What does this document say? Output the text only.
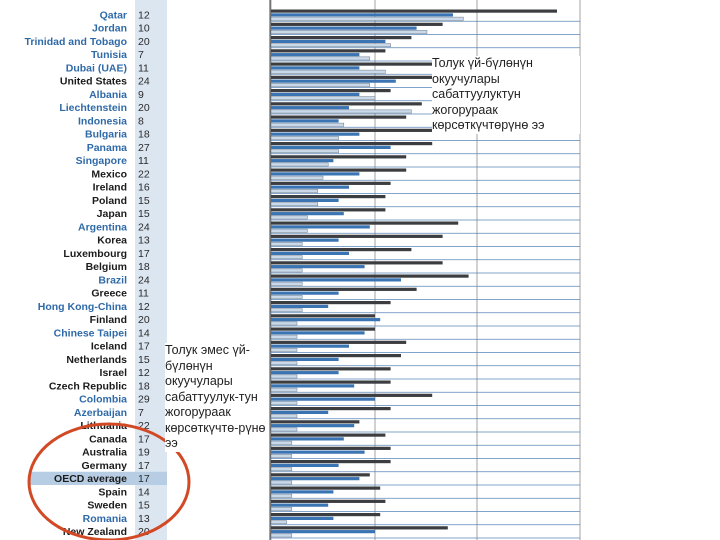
Qatar 12
Jordan 10
Trinidad and Tobago 20
Tunisia 7
Dubai (UAE) 11
United States 24
Albania 9
Liechtenstein 20
Indonesia 8
Bulgaria 18
Panama 27
Singapore 11
Mexico 22
Ireland 16
Poland 15
Japan 15
Argentina 24
Korea 13
Luxembourg 17
Belgium 18
Brazil 24
Greece 11
Hong Kong-China 12
Finland 20
Chinese Taipei 14
Iceland 17
Netherlands 15
Israel 12
Czech Republic 18
Colombia 29
Azerbaijan 7
Lithuania 22
Canada 17
Australia 19
Germany 17
OECD average 17
Spain 14
Sweden 15
Romania 13
New Zealand 20
Толук үй-бүлөнүн окуучулары сабаттуулуктун жогорураак көрсөткүчтөрүнө ээ
Толук эмес үй-бүлөнүн окуучулары сабаттуулук-тун жогорураак көрсөткүчтө-рүнө ээ
